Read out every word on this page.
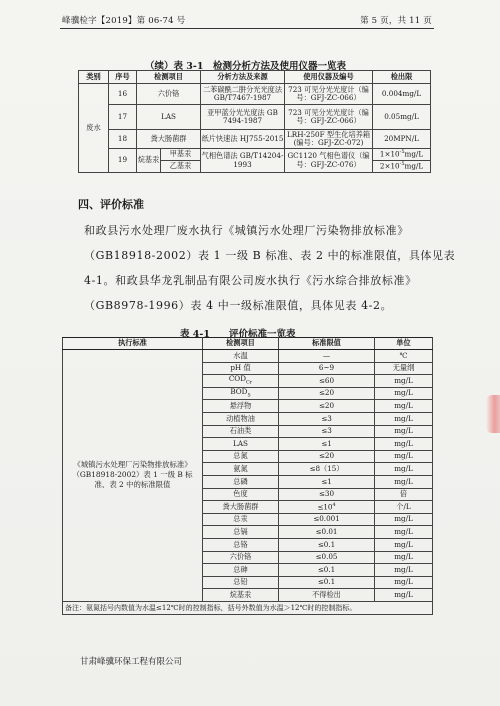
峰骥检字【2019】第 06-74 号	第 5 页，共 11 页
（续）表 3-1　检测分析方法及使用仪器一览表
类别	序号	检测项目		分析方法及来源	使用仪器及编号	检出限
废水	16	六价铬		二苯碳酰二肼分光光度法 GB/T7467-1987	723 可见分光光度计（编号：GFJ-ZC-066）	0.004mg/L
	17	LAS		亚甲蓝分光光度法 GB 7494-1987	723 可见分光光度计（编号：GFJ-ZC-066）	0.05mg/L
	18	粪大肠菌群		纸片快速法 HJ755-2015	LRH-250F 型生化培养箱(编号：GFJ-ZC-072)	20MPN/L
	19	烷基汞	甲基汞	气相色谱法 GB/T14204-1993	GC1120 气相色谱仪（编号：GFJ-ZC-076）	$1\times 10^{-5}mg/L$
			乙基汞			$2\times 10^{-5}mg/L$
四、评价标准
和政县污水处理厂废水执行《城镇污水处理厂污染物排放标准》
（GB18918-2002）表 1 一级 B 标准、表 2 中的标准限值，具体见表
4-1。和政县华龙乳制品有限公司废水执行《污水综合排放标准》
（GB8978-1996）表 4 中一级标准限值，具体见表 4-2。
表 4-1　　评价标准一览表
执行标准	检测项目	标准限值	单位
《城镇污水处理厂污染物排放标准》（GB18918-2002）表 1 一级 B 标准、表 2 中的标准限值	水温	—	℃
	pH 值	6~9	无量纲
	$COD_{Cr}$	≤60	mg/L
	$BOD_5$	≤20	mg/L
	悬浮物	≤20	mg/L
	动植物油	≤3	mg/L
	石油类	≤3	mg/L
	LAS	≤1	mg/L
	总氮	≤20	mg/L
	氨氮	≤8（15）	mg/L
	总磷	≤1	mg/L
	色度	≤30	倍
	粪大肠菌群	$\le 10^4$	个/L
	总汞	≤0.001	mg/L
	总镉	≤0.01	mg/L
	总铬	≤0.1	mg/L
	六价铬	≤0.05	mg/L
	总砷	≤0.1	mg/L
	总铅	≤0.1	mg/L
	烷基汞	不得检出	mg/L
备注：氨氮括号内数值为水温≤12℃时的控制指标，括号外数值为水温＞12℃时的控制指标。			
甘肃峰骥环保工程有限公司
